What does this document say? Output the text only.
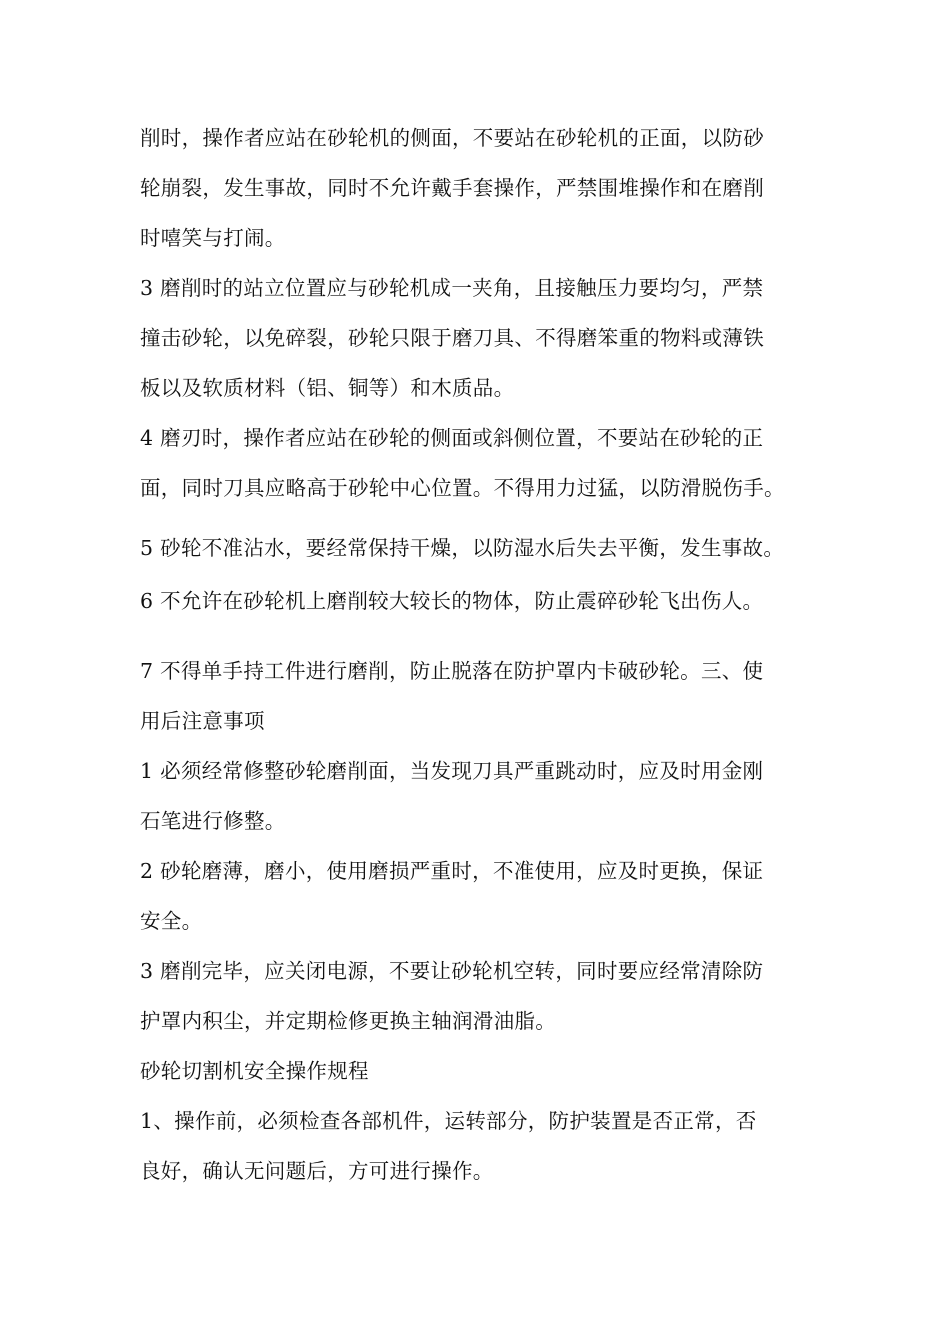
削时，操作者应站在砂轮机的侧面，不要站在砂轮机的正面，以防砂

轮崩裂，发生事故，同时不允许戴手套操作，严禁围堆操作和在磨削

时嘻笑与打闹。

3 磨削时的站立位置应与砂轮机成一夹角，且接触压力要均匀，严禁

撞击砂轮，以免碎裂，砂轮只限于磨刀具、不得磨笨重的物料或薄铁

板以及软质材料（铝、铜等）和木质品。

4 磨刃时，操作者应站在砂轮的侧面或斜侧位置，不要站在砂轮的正

面，同时刀具应略高于砂轮中心位置。不得用力过猛，以防滑脱伤手。

5 砂轮不准沾水，要经常保持干燥，以防湿水后失去平衡，发生事故。

6 不允许在砂轮机上磨削较大较长的物体，防止震碎砂轮飞出伤人。

7 不得单手持工件进行磨削，防止脱落在防护罩内卡破砂轮。三、使

用后注意事项

1 必须经常修整砂轮磨削面，当发现刀具严重跳动时，应及时用金刚

石笔进行修整。

2 砂轮磨薄，磨小，使用磨损严重时，不准使用，应及时更换，保证

安全。

3 磨削完毕，应关闭电源，不要让砂轮机空转，同时要应经常清除防

护罩内积尘，并定期检修更换主轴润滑油脂。

砂轮切割机安全操作规程

1、操作前，必须检查各部机件，运转部分，防护装置是否正常，否

良好，确认无问题后，方可进行操作。
